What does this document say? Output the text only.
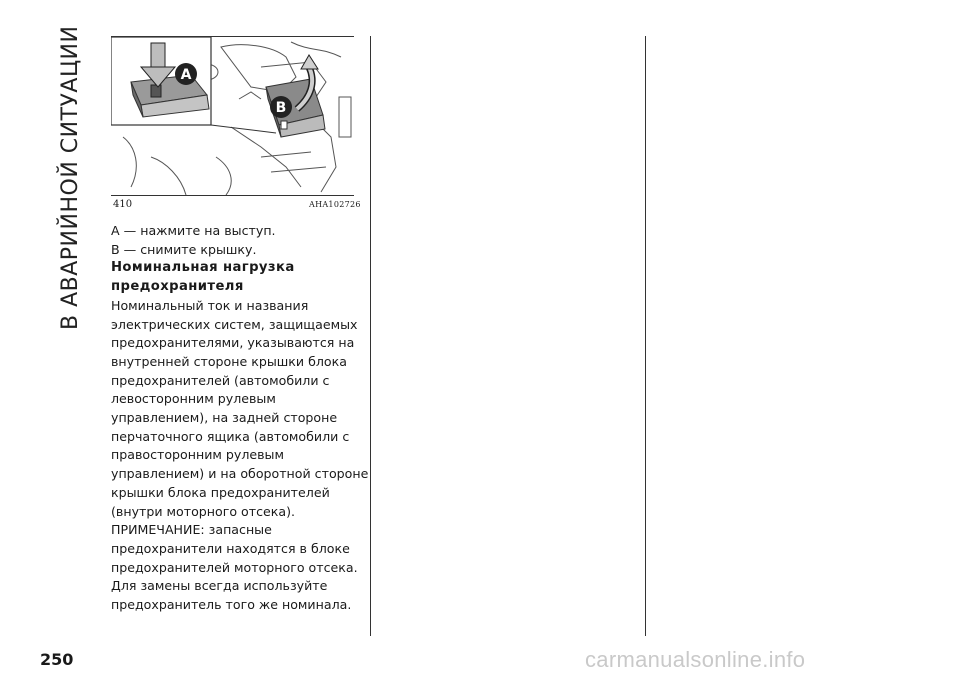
В АВАРИЙНОЙ СИТУАЦИИ	B
A
410	AHA102726

A — нажмите на выступ.

B — снимите крышку.

Номинальная нагрузка предохранителя

Номинальный ток и названия электрических систем, защищаемых предохранителями, указываются на внутренней стороне крышки блока предохранителей (автомобили с левосторонним рулевым управлением), на задней стороне перчаточного ящика (автомобили с правосторонним рулевым управлением) и на оборотной стороне крышки блока предохранителей (внутри моторного отсека).

ПРИМЕЧАНИЕ: запасные предохранители находятся в блоке предохранителей моторного отсека. Для замены всегда используйте предохранитель того же номинала.

250	carmanualsonline.info
